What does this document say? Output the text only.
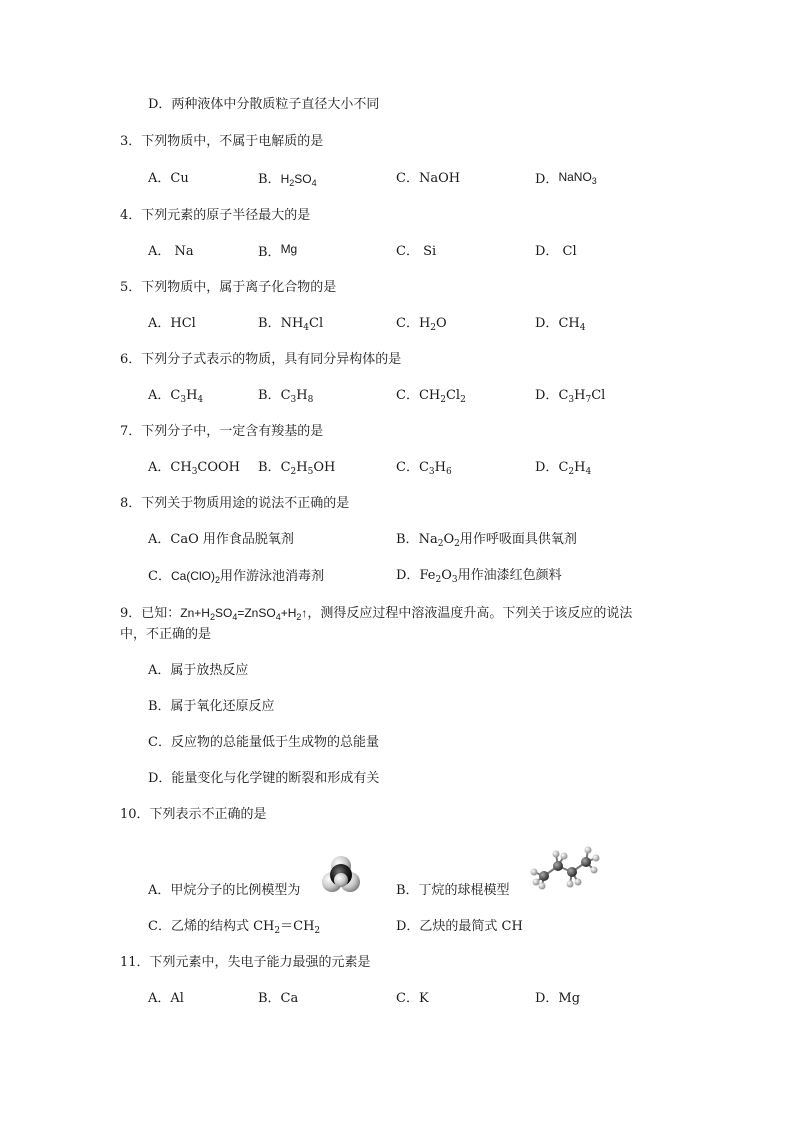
D．两种液体中分散质粒子直径大小不同
3．下列物质中，不属于电解质的是
A．Cu	B．$H_2SO_4$	C．NaOH	D．NaNO$_3$
4．下列元素的原子半径最大的是
A． Na	B．Mg	C． Si	D． Cl
5．下列物质中，属于离子化合物的是
A．HCl	B．$NH_4Cl$	C．$H_2O$	D．$CH_4$
6．下列分子式表示的物质，具有同分异构体的是
A．$C_3H_4$	B．$C_3H_8$	C．$CH_2Cl_2$	D．$C_3H_7Cl$
7．下列分子中，一定含有羧基的是
A．$CH_3COOH$ B．$C_2H_5OH$	C．$C_3H_6$	D．$C_2H_4$
8．下列关于物质用途的说法不正确的是
A．CaO 用作食品脱氧剂	B．$Na_2O_2$用作呼吸面具供氧剂
C．$Ca(ClO)_2$用作游泳池消毒剂	D．$Fe_2O_3$用作油漆红色颜料
9．已知：$Zn+H_2SO_4=ZnSO_4+H_2↑$，测得反应过程中溶液温度升高。下列关于该反应的说法
中，不正确的是
A．属于放热反应
B．属于氧化还原反应
C．反应物的总能量低于生成物的总能量
D．能量变化与化学键的断裂和形成有关
10．下列表示不正确的是
A．甲烷分子的比例模型为	B．丁烷的球棍模型
C．乙烯的结构式 $CH_2=CH_2$	D．乙炔的最简式 CH
11．下列元素中，失电子能力最强的元素是
A．Al	B．Ca	C．K	D．Mg
